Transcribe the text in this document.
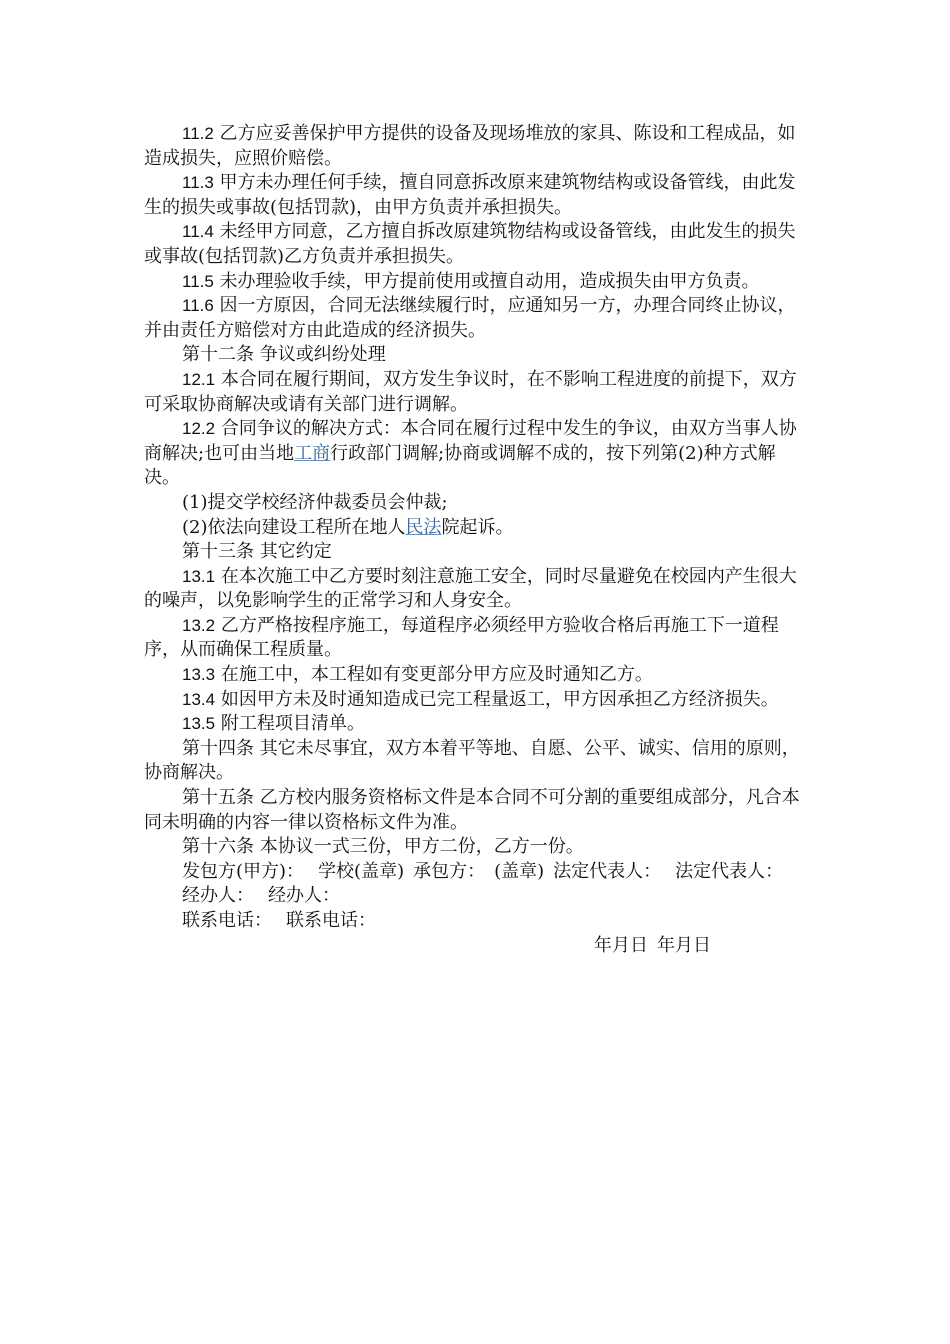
11.2 乙方应妥善保护甲方提供的设备及现场堆放的家具、陈设和工程成品，如造成损失，应照价赔偿。

11.3 甲方未办理任何手续，擅自同意拆改原来建筑物结构或设备管线，由此发生的损失或事故(包括罚款)，由甲方负责并承担损失。

11.4 未经甲方同意，乙方擅自拆改原建筑物结构或设备管线，由此发生的损失或事故(包括罚款)乙方负责并承担损失。

11.5 未办理验收手续，甲方提前使用或擅自动用，造成损失由甲方负责。

11.6 因一方原因，合同无法继续履行时，应通知另一方，办理合同终止协议，并由责任方赔偿对方由此造成的经济损失。

第十二条 争议或纠纷处理

12.1 本合同在履行期间，双方发生争议时，在不影响工程进度的前提下，双方可采取协商解决或请有关部门进行调解。

12.2 合同争议的解决方式：本合同在履行过程中发生的争议，由双方当事人协商解决;也可由当地工商行政部门调解;协商或调解不成的，按下列第(2)种方式解决。

(1)提交学校经济仲裁委员会仲裁;

(2)依法向建设工程所在地人民法院起诉。

第十三条 其它约定

13.1 在本次施工中乙方要时刻注意施工安全，同时尽量避免在校园内产生很大的噪声，以免影响学生的正常学习和人身安全。

13.2 乙方严格按程序施工，每道程序必须经甲方验收合格后再施工下一道程序，从而确保工程质量。

13.3 在施工中，本工程如有变更部分甲方应及时通知乙方。

13.4 如因甲方未及时通知造成已完工程量返工，甲方因承担乙方经济损失。

13.5 附工程项目清单。

第十四条 其它未尽事宜，双方本着平等地、自愿、公平、诚实、信用的原则，协商解决。

第十五条 乙方校内服务资格标文件是本合同不可分割的重要组成部分，凡合本同未明确的内容一律以资格标文件为准。

第十六条 本协议一式三份，甲方二份，乙方一份。

发包方(甲方)： 学校(盖章) 承包方： (盖章) 法定代表人： 法定代表人：

经办人： 经办人：

联系电话： 联系电话：

年月日 年月日
